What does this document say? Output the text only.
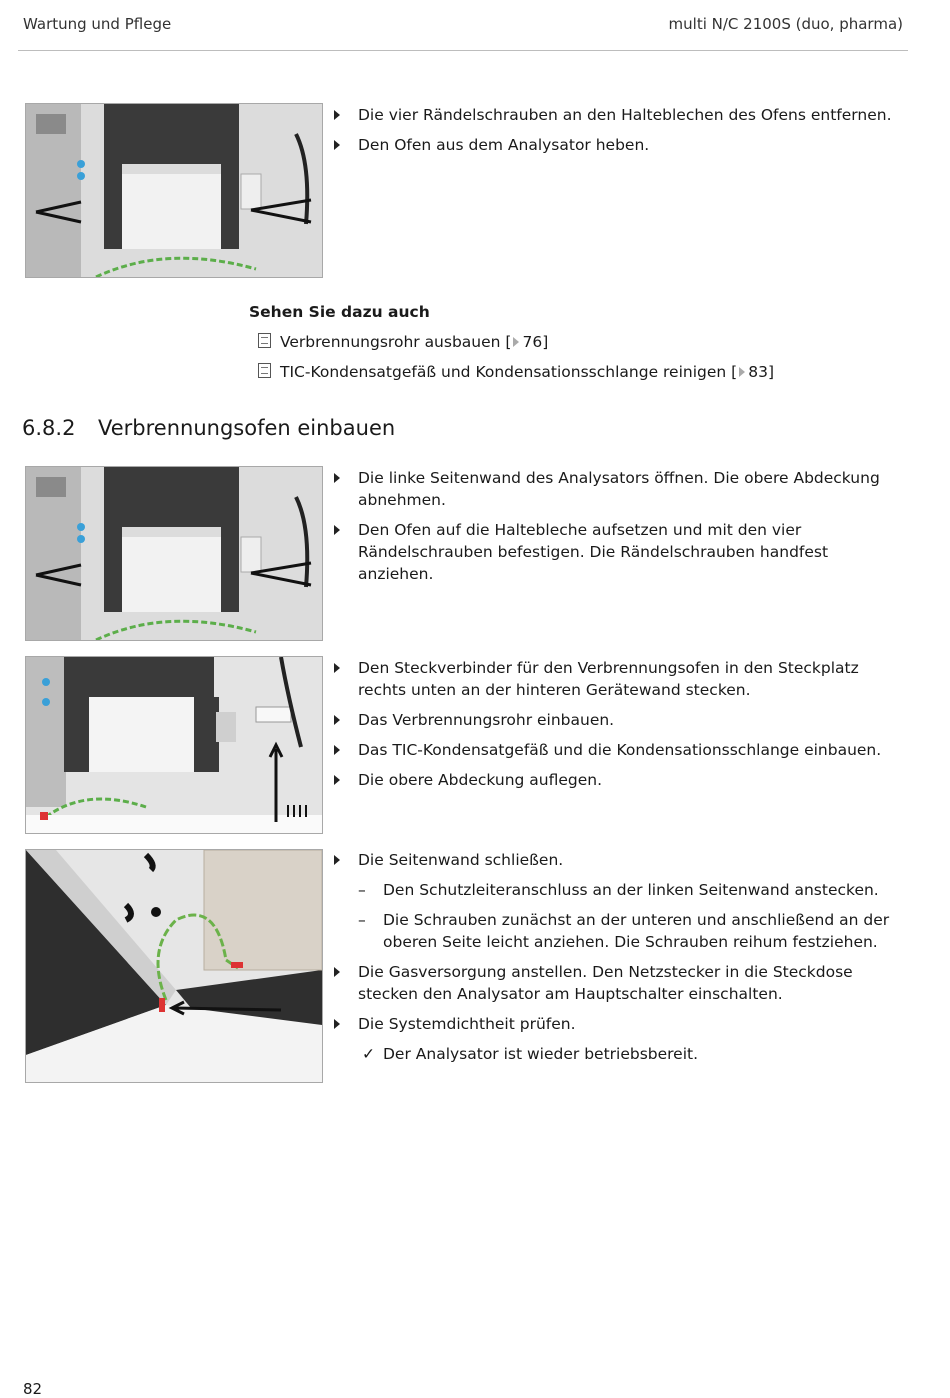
Wartung und Pflege	multi N/C 2100S (duo, pharma)
Die vier Rändelschrauben an den Halteblechen des Ofens entfernen.
Den Ofen aus dem Analysator heben.
Sehen Sie dazu auch
Verbrennungsrohr ausbauen [ 76]
TIC-Kondensatgefäß und Kondensationsschlange reinigen [ 83]
6.8.2 Verbrennungsofen einbauen
Die linke Seitenwand des Analysators öffnen. Die obere Abdeckung abnehmen.
Den Ofen auf die Haltebleche aufsetzen und mit den vier Rändelschrauben befestigen. Die Rändelschrauben handfest anziehen.
Den Steckverbinder für den Verbrennungsofen in den Steckplatz rechts unten an der hinteren Gerätewand stecken.
Das Verbrennungsrohr einbauen.
Das TIC-Kondensatgefäß und die Kondensationsschlange einbauen.
Die obere Abdeckung auflegen.
Die Seitenwand schließen.
– Den Schutzleiteranschluss an der linken Seitenwand anstecken.
– Die Schrauben zunächst an der unteren und anschließend an der oberen Seite leicht anziehen. Die Schrauben reihum festziehen.
Die Gasversorgung anstellen. Den Netzstecker in die Steckdose stecken den Analysator am Hauptschalter einschalten.
Die Systemdichtheit prüfen.
✓ Der Analysator ist wieder betriebsbereit.
82
